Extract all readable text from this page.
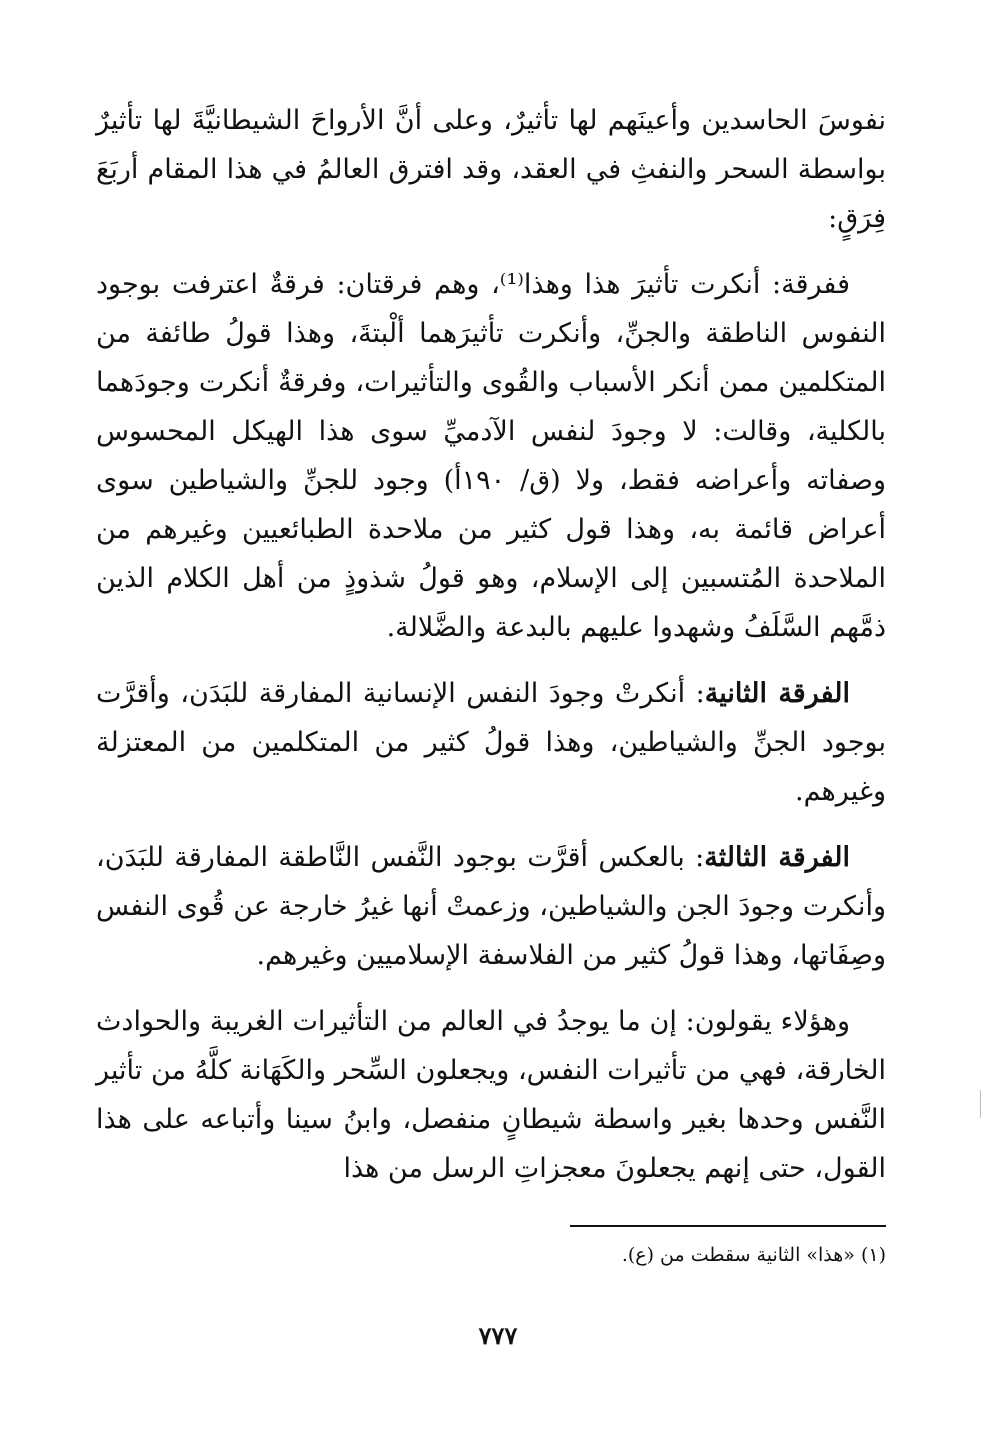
نفوسَ الحاسدين وأعينَهم لها تأثيرٌ، وعلى أنَّ الأرواحَ الشيطانيَّةَ لها تأثيرٌ بواسطة السحر والنفثِ في العقد، وقد افترق العالمُ في هذا المقام أربَعَ فِرَقٍ:

ففرقة: أنكرت تأثيرَ هذا وهذا⁽¹⁾، وهم فرقتان: فرقةٌ اعترفت بوجود النفوس الناطقة والجنِّ، وأنكرت تأثيرَهما ألْبتةَ، وهذا قولُ طائفة من المتكلمين ممن أنكر الأسباب والقُوى والتأثيرات، وفرقةٌ أنكرت وجودَهما بالكلية، وقالت: لا وجودَ لنفس الآدميِّ سوى هذا الهيكل المحسوس وصفاته وأعراضه فقط، ولا (ق/ ١٩٠أ) وجود للجنِّ والشياطين سوى أعراض قائمة به، وهذا قول كثير من ملاحدة الطبائعيين وغيرهم من الملاحدة المُتسبين إلى الإسلام، وهو قولُ شذوذٍ من أهل الكلام الذين ذمَّهم السَّلَفُ وشهدوا عليهم بالبدعة والضَّلالة.

الفرقة الثانية: أنكرتْ وجودَ النفس الإنسانية المفارقة للبَدَن، وأقرَّت بوجود الجنِّ والشياطين، وهذا قولُ كثير من المتكلمين من المعتزلة وغيرهم.

الفرقة الثالثة: بالعكس أقرَّت بوجود النَّفس النَّاطقة المفارقة للبَدَن، وأنكرت وجودَ الجن والشياطين، وزعمتْ أنها غيرُ خارجة عن قُوى النفس وصِفَاتها، وهذا قولُ كثير من الفلاسفة الإسلاميين وغيرهم.

وهؤلاء يقولون: إن ما يوجدُ في العالم من التأثيرات الغريبة والحوادث الخارقة، فهي من تأثيرات النفس، ويجعلون السِّحر والكَهَانة كلَّهُ من تأثير النَّفس وحدها بغير واسطة شيطانٍ منفصل، وابنُ سينا وأتباعه على هذا القول، حتى إنهم يجعلونَ معجزاتِ الرسل من هذا

(١) «هذا» الثانية سقطت من (ع).
٧٧٧
